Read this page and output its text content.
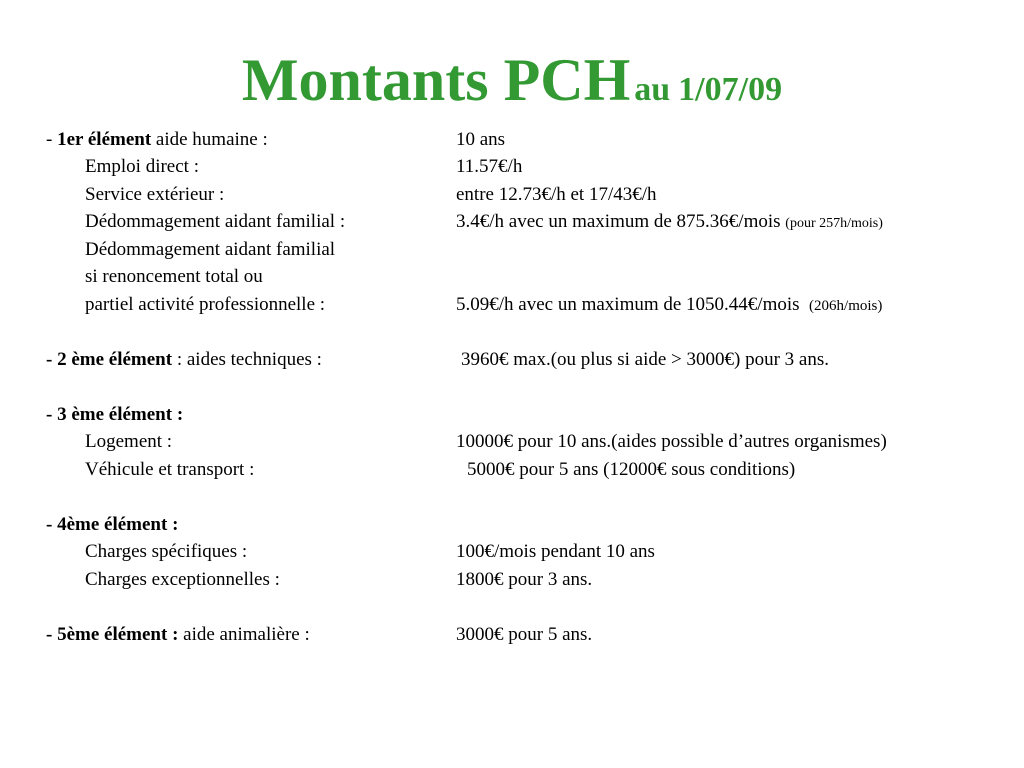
Montants PCH au 1/07/09
- 1er élément aide humaine :	10 ans
Emploi direct :	11.57€/h
Service extérieur :	entre 12.73€/h et 17/43€/h
Dédommagement aidant familial :	3.4€/h avec un maximum de 875.36€/mois (pour 257h/mois)
Dédommagement aidant familial
si renoncement total ou
partiel activité professionnelle :	5.09€/h avec un maximum de 1050.44€/mois (206h/mois)
- 2 ème élément : aides techniques :	3960€ max.(ou plus si aide > 3000€) pour 3 ans.
- 3 ème élément :
Logement :	10000€ pour 10 ans.(aides possible d’autres organismes)
Véhicule et transport :	5000€ pour 5 ans (12000€ sous conditions)
- 4ème élément :
Charges spécifiques :	100€/mois pendant 10 ans
Charges exceptionnelles :	1800€ pour 3 ans.
- 5ème élément : aide animalière :	3000€ pour 5 ans.
